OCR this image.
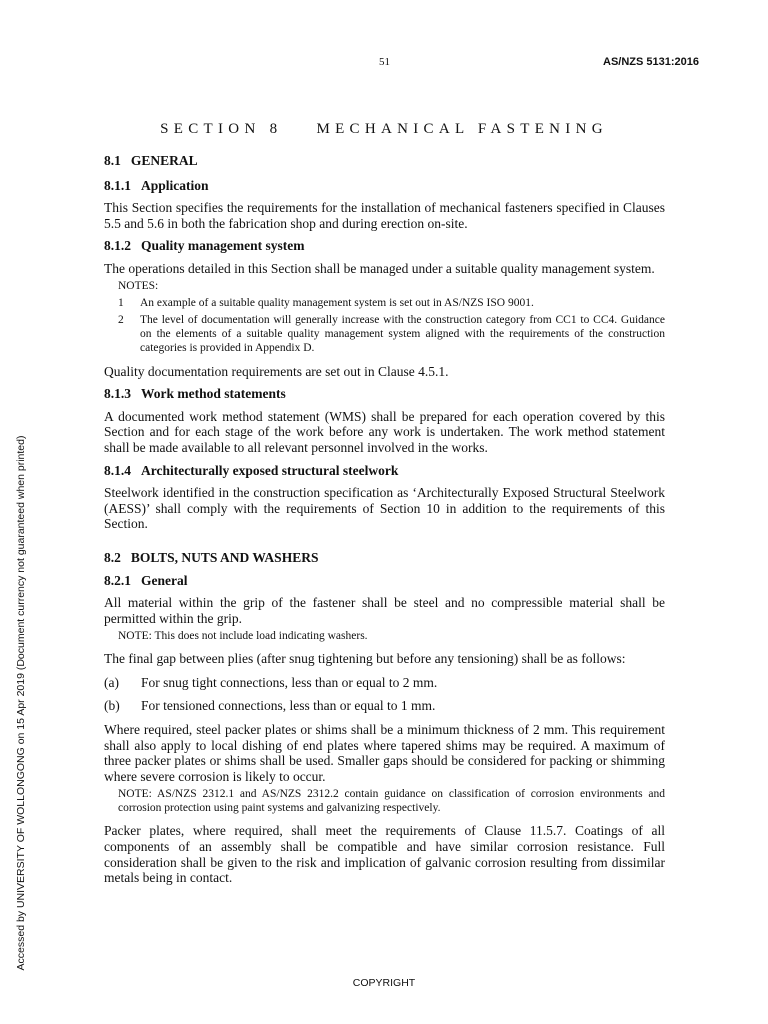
Accessed by UNIVERSITY OF WOLLONGONG on 15 Apr 2019 (Document currency not guaranteed when printed)
51	AS/NZS 5131:2016
SECTION 8 MECHANICAL FASTENING
8.1 GENERAL
8.1.1 Application

This Section specifies the requirements for the installation of mechanical fasteners specified in Clauses 5.5 and 5.6 in both the fabrication shop and during erection on-site.

8.1.2 Quality management system

The operations detailed in this Section shall be managed under a suitable quality management system.

NOTES:
1	An example of a suitable quality management system is set out in AS/NZS ISO 9001.
2	The level of documentation will generally increase with the construction category from CC1 to CC4. Guidance on the elements of a suitable quality management system aligned with the requirements of the construction categories is provided in Appendix D.

Quality documentation requirements are set out in Clause 4.5.1.

8.1.3 Work method statements

A documented work method statement (WMS) shall be prepared for each operation covered by this Section and for each stage of the work before any work is undertaken. The work method statement shall be made available to all relevant personnel involved in the works.

8.1.4 Architecturally exposed structural steelwork

Steelwork identified in the construction specification as ‘Architecturally Exposed Structural Steelwork (AESS)’ shall comply with the requirements of Section 10 in addition to the requirements of this Section.

8.2 BOLTS, NUTS AND WASHERS
8.2.1 General

All material within the grip of the fastener shall be steel and no compressible material shall be permitted within the grip.

NOTE: This does not include load indicating washers.

The final gap between plies (after snug tightening but before any tensioning) shall be as follows:

(a)	For snug tight connections, less than or equal to 2 mm.
(b)	For tensioned connections, less than or equal to 1 mm.

Where required, steel packer plates or shims shall be a minimum thickness of 2 mm. This requirement shall also apply to local dishing of end plates where tapered shims may be required. A maximum of three packer plates or shims shall be used. Smaller gaps should be considered for packing or shimming where severe corrosion is likely to occur.

NOTE: AS/NZS 2312.1 and AS/NZS 2312.2 contain guidance on classification of corrosion environments and corrosion protection using paint systems and galvanizing respectively.

Packer plates, where required, shall meet the requirements of Clause 11.5.7. Coatings of all components of an assembly shall be compatible and have similar corrosion resistance. Full consideration shall be given to the risk and implication of galvanic corrosion resulting from dissimilar metals being in contact.

COPYRIGHT
